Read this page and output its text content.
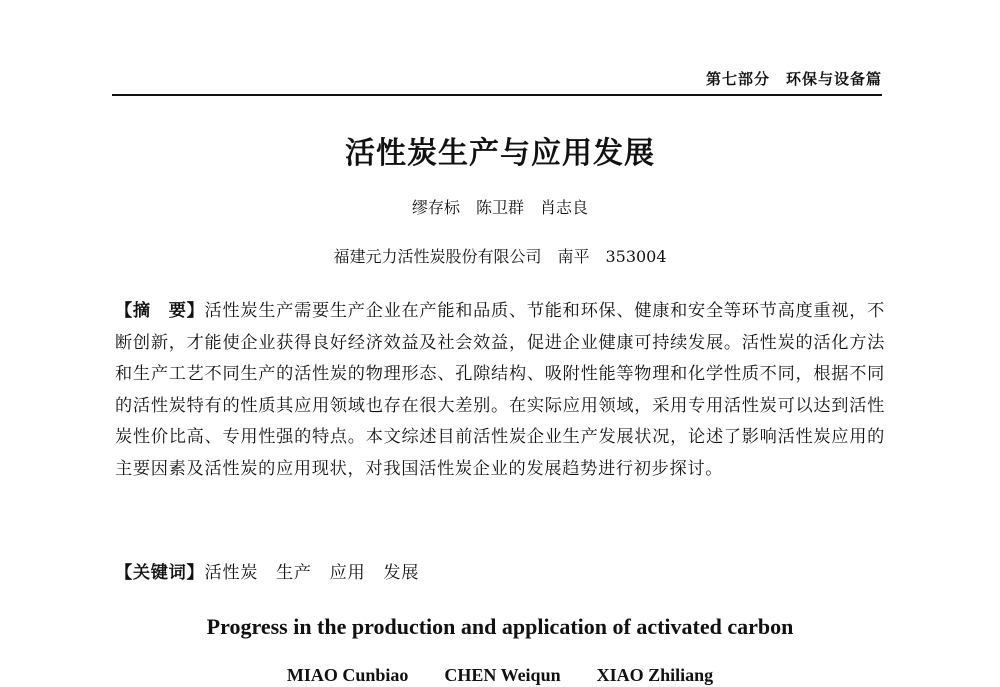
第七部分　环保与设备篇
活性炭生产与应用发展
缪存标　陈卫群　肖志良
福建元力活性炭股份有限公司　南平　353004
【摘　要】活性炭生产需要生产企业在产能和品质、节能和环保、健康和安全等环节高度重视，不断创新，才能使企业获得良好经济效益及社会效益，促进企业健康可持续发展。活性炭的活化方法和生产工艺不同生产的活性炭的物理形态、孔隙结构、吸附性能等物理和化学性质不同，根据不同的活性炭特有的性质其应用领域也存在很大差别。在实际应用领域，采用专用活性炭可以达到活性炭性价比高、专用性强的特点。本文综述目前活性炭企业生产发展状况，论述了影响活性炭应用的主要因素及活性炭的应用现状，对我国活性炭企业的发展趋势进行初步探讨。
【关键词】活性炭　生产　应用　发展
Progress in the production and application of activated carbon
MIAO Cunbiao　　CHEN Weiqun　　XIAO Zhiliang
